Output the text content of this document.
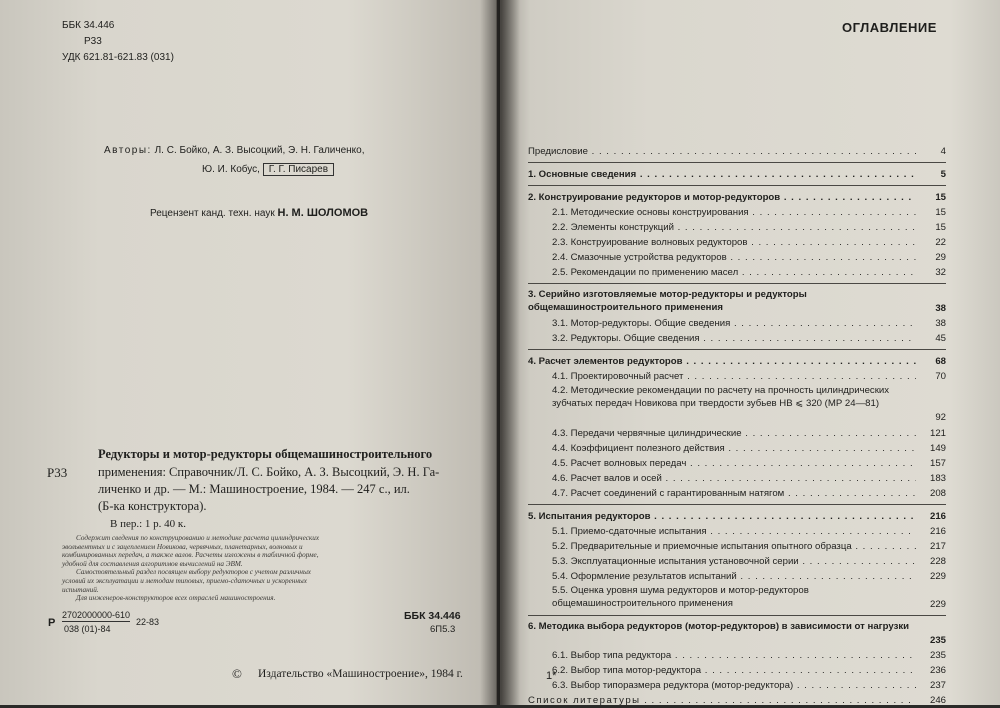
ББК 34.446
Р33
УДК 621.81-621.83 (031)
Авторы: Л. С. Бойко, А. З. Высоцкий, Э. Н. Галиченко,
Ю. И. Кобус, Г. Г. Писарев
Рецензент канд. техн. наук Н. М. ШОЛОМОВ
Редукторы и мотор-редукторы общемашиностроительного
Р33 применения: Справочник/Л. С. Бойко, А. З. Высоцкий, Э. Н. Га-
личенко и др. — М.: Машиностроение, 1984. — 247 с., ил.
(Б-ка конструктора).
В пер.: 1 р. 40 к.
Содержит сведения по конструированию и методике расчета цилиндрических
эвольвентных и с зацеплением Новикова, червячных, планетарных, волновых и
комбинированных передач, а также валов. Расчеты изложены в табличной форме,
удобной для составления алгоритмов вычислений на ЭВМ.
Самостоятельный раздел посвящен выбору редукторов с учетом различных
условий их эксплуатации и методам типовых, приемо-сдаточных и ускоренных
испытаний.
Для инженеров-конструкторов всех отраслей машиностроения.
Р
2702000000-610
038 (01)-84
22-83	ББК 34.446
6П5.3
© Издательство «Машиностроение», 1984 г.
ОГЛАВЛЕНИЕ
1*
Предисловие . . .	4
1. Основные сведения . . .	5
2. Конструирование редукторов и мотор-редукторов . . .	15
2.1. Методические основы конструирования . . .	15
2.2. Элементы конструкций . . .	15
2.3. Конструирование волновых редукторов . . .	22
2.4. Смазочные устройства редукторов . . .	29
2.5. Рекомендации по применению масел . . .	32
3. Серийно изготовляемые мотор-редукторы и редукторы общемашиностроительного применения	38
3.1. Мотор-редукторы. Общие сведения . . .	38
3.2. Редукторы. Общие сведения . . .	45
4. Расчет элементов редукторов . . .	68
4.1. Проектировочный расчет . . .	70
4.2. Методические рекомендации по расчету на прочность цилиндрических зубчатых передач Новикова при твердости зубьев HB ⩽ 320 (МР 24—81)
92
4.3. Передачи червячные цилиндрические . . .	121
4.4. Коэффициент полезного действия . . .	149
4.5. Расчет волновых передач . . .	157
4.6. Расчет валов и осей . . .	183
4.7. Расчет соединений с гарантированным натягом . . .	208
5. Испытания редукторов . . .	216
5.1. Приемо-сдаточные испытания . . .	216
5.2. Предварительные и приемочные испытания опытного образца . . .	217
5.3. Эксплуатационные испытания установочной серии . . .	228
5.4. Оформление результатов испытаний . . .	229
5.5. Оценка уровня шума редукторов и мотор-редукторов общемашиностроительного применения	229
6. Методика выбора редукторов (мотор-редукторов) в зависимости от нагрузки
235
6.1. Выбор типа редуктора . . .	235
6.2. Выбор типа мотор-редуктора . . .	236
6.3. Выбор типоразмера редуктора (мотор-редуктора) . . .	237
Список литературы . . .	246
